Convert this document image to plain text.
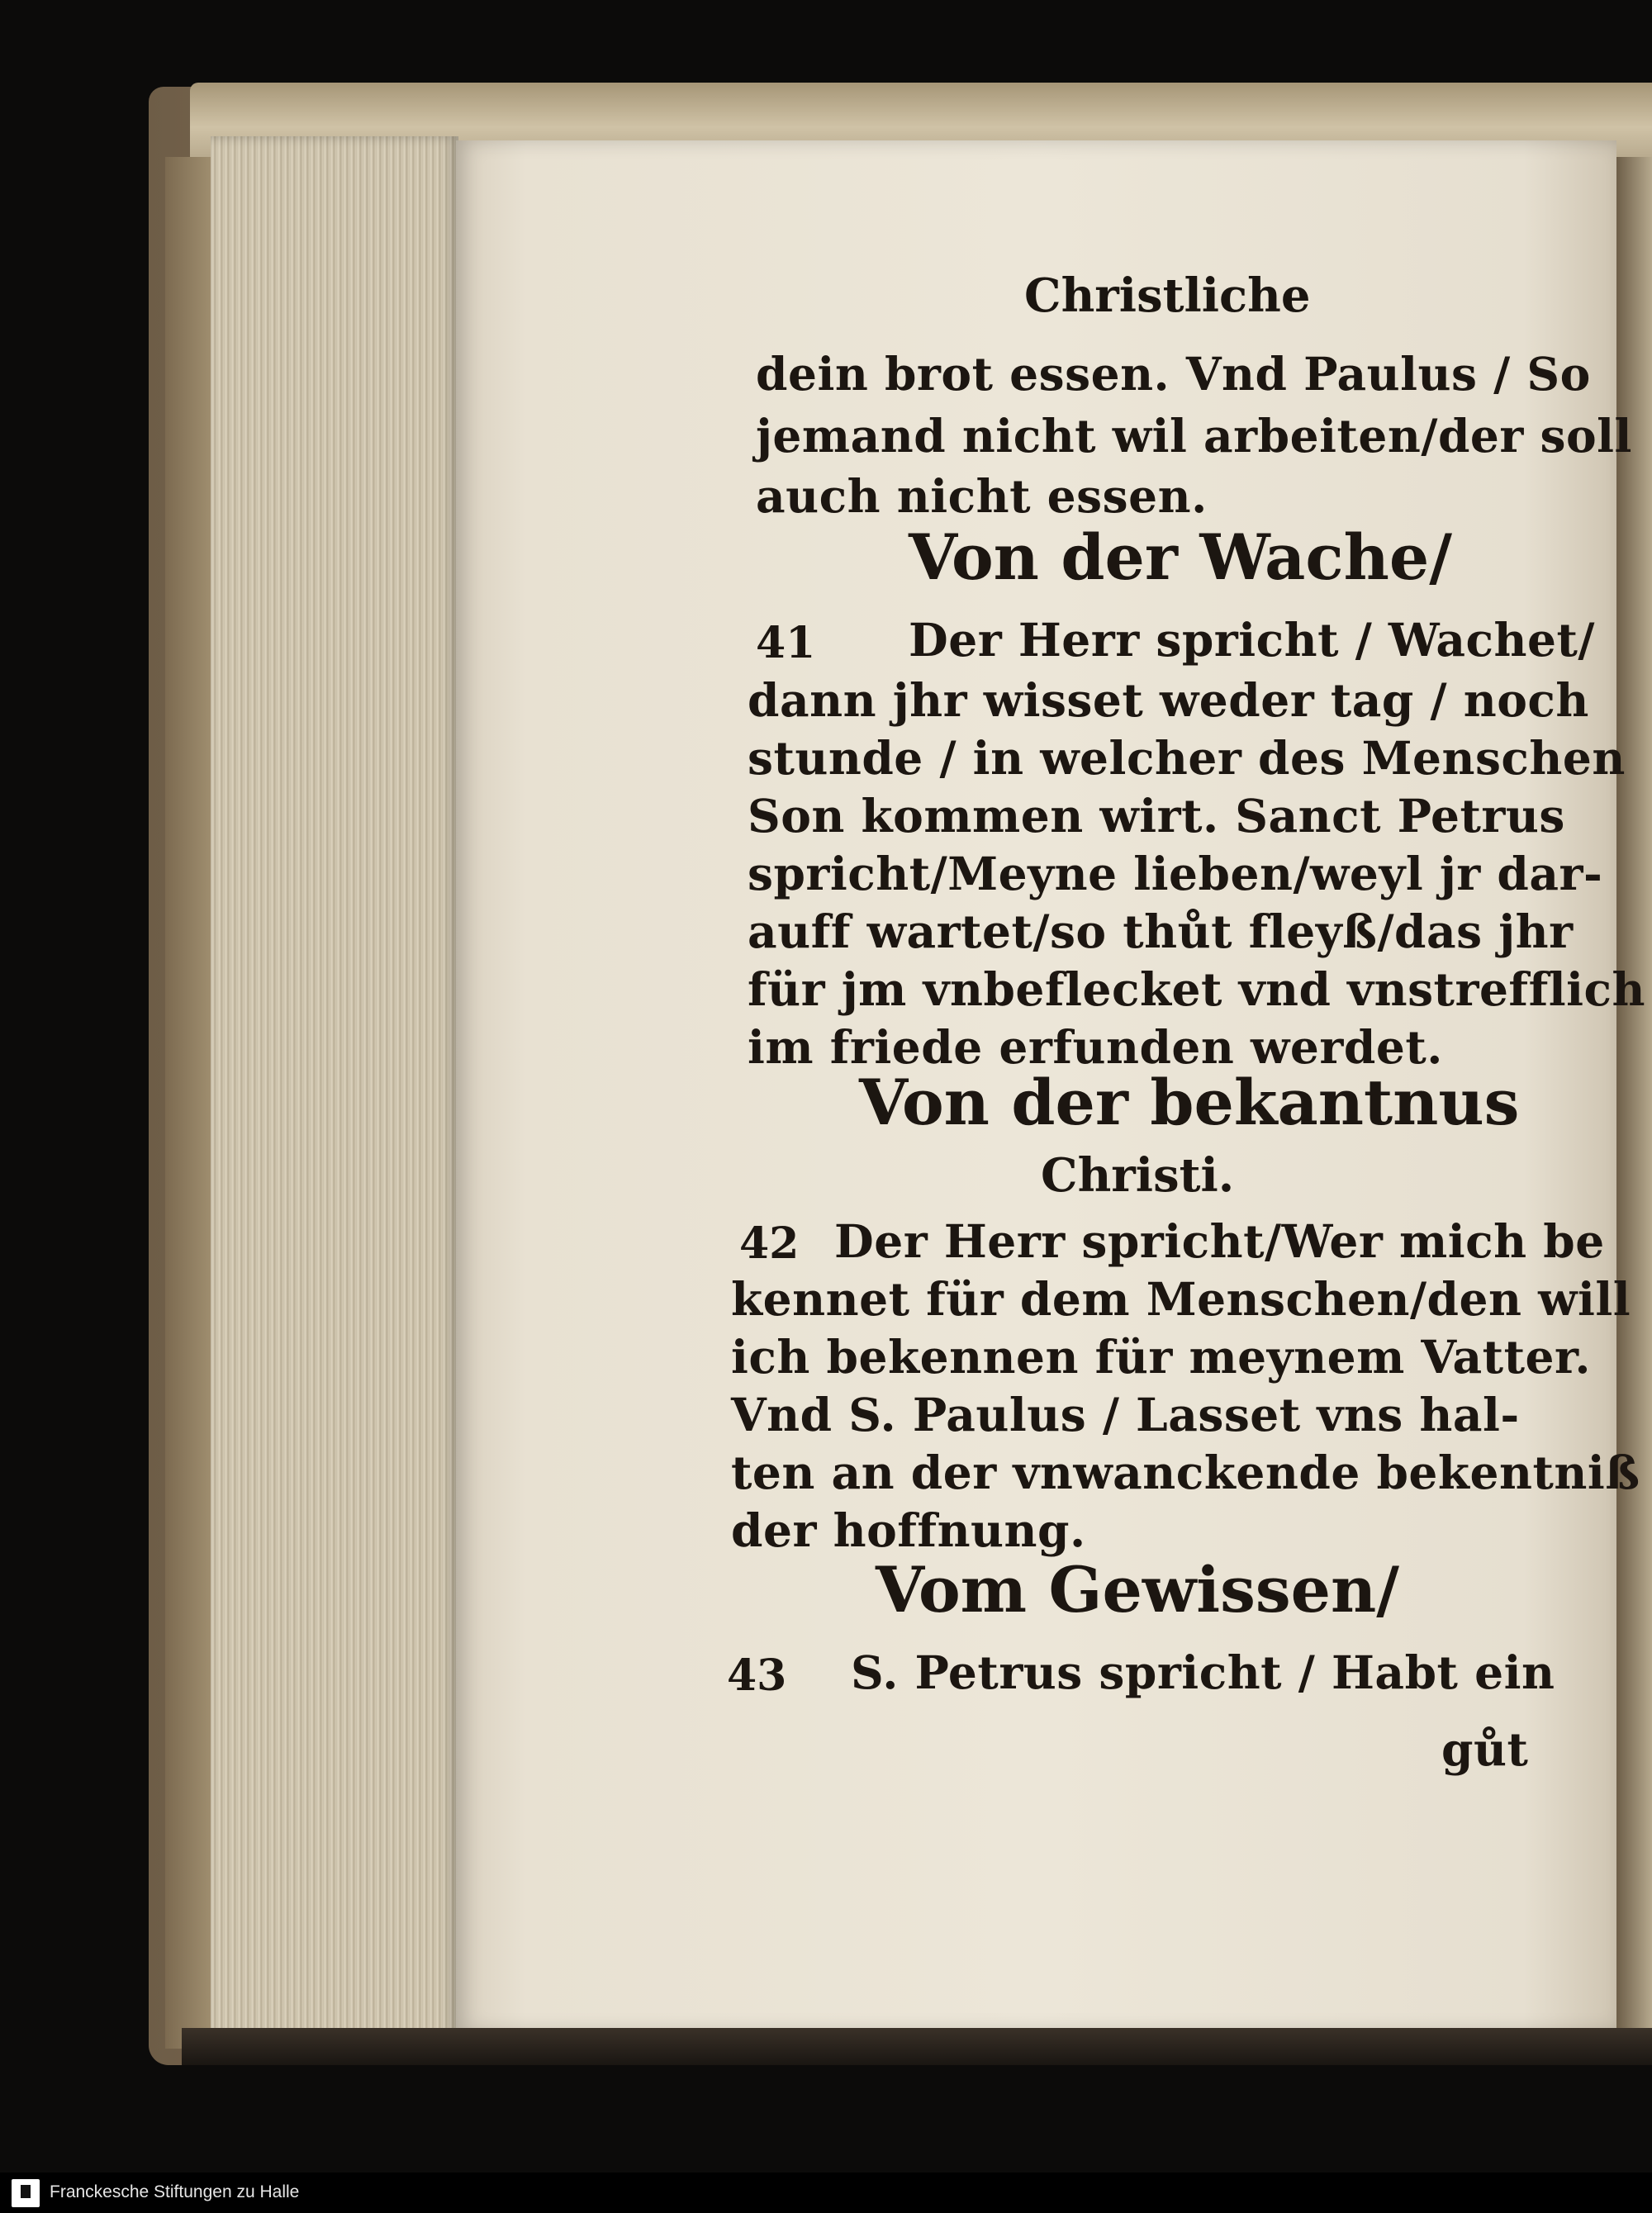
Christliche
dein brot essen. Vnd Paulus / So
jemand nicht wil arbeiten/der soll
auch nicht essen.
Von der Wache/
41 Der Herr spricht / Wachet/
dann jhr wisset weder tag / noch
stunde / in welcher des Menschen
Son kommen wirt. Sanct Petrus
spricht/Meyne lieben/weyl jr dar-
auff wartet/so thůt fleyß/das jhr
für jm vnbeflecket vnd vnstrefflich
im friede erfunden werdet.
Von der bekantnus
Christi.
42 Der Herr spricht/Wer mich be
kennet für dem Menschen/den will
ich bekennen für meynem Vatter.
Vnd S. Paulus / Lasset vns hal-
ten an der vnwanckende bekentniß
der hoffnung.
Vom Gewissen/
43 S. Petrus spricht / Habt ein
gůt
Franckesche Stiftungen zu Halle
